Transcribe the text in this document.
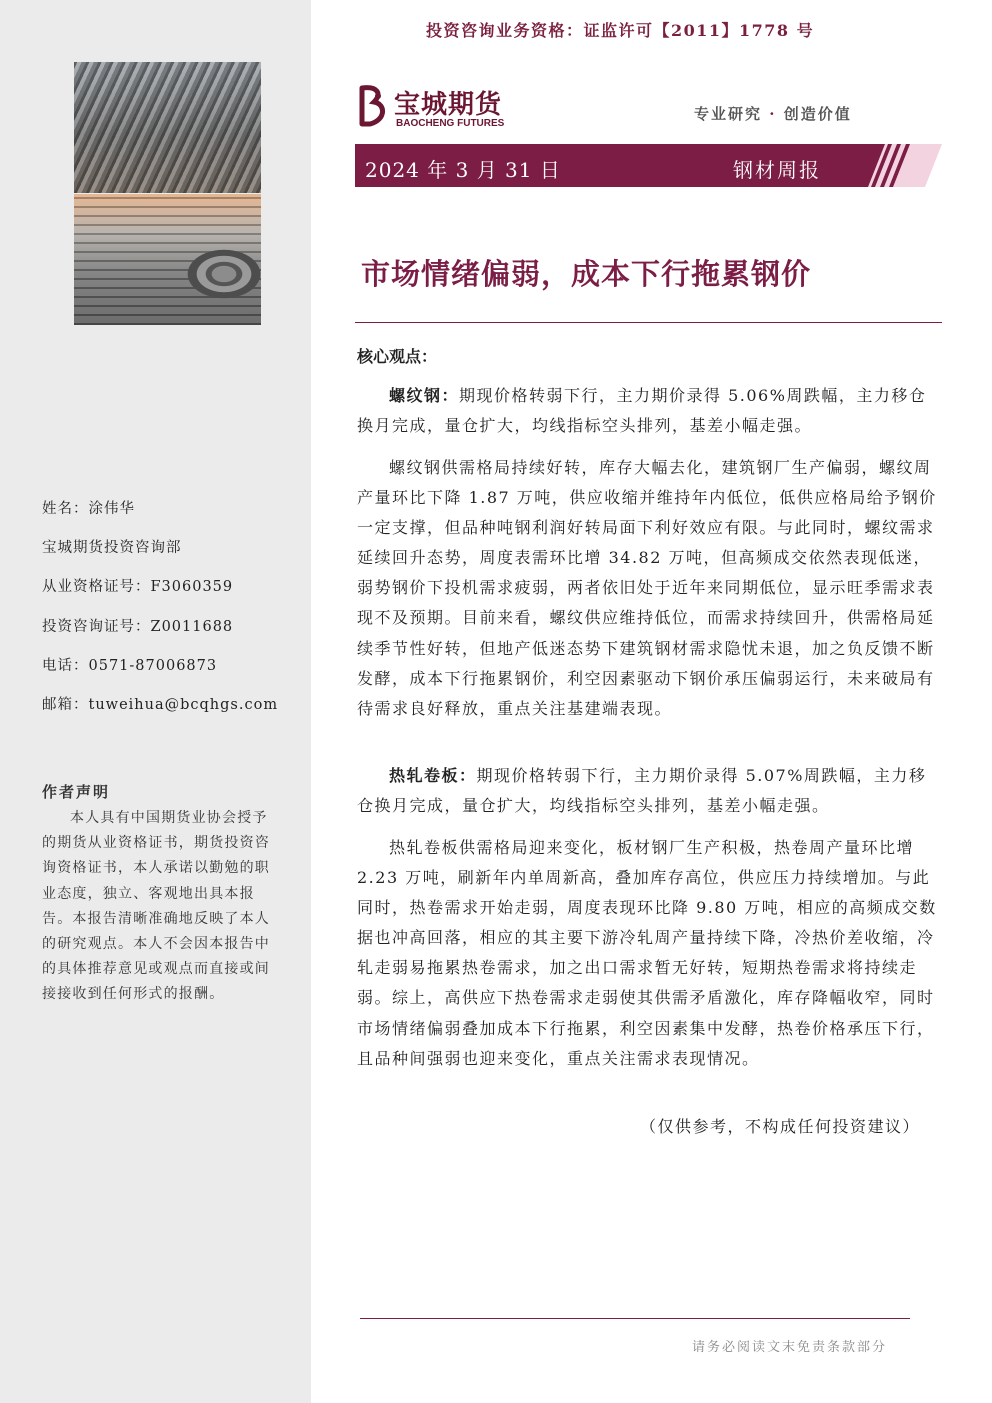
姓名：涂伟华
宝城期货投资咨询部
从业资格证号：F3060359
投资咨询证号：Z0011688
电话：0571-87006873
邮箱：tuweihua@bcqhgs.com
作者声明
本人具有中国期货业协会授予的期货从业资格证书，期货投资咨询资格证书，本人承诺以勤勉的职业态度，独立、客观地出具本报告。本报告清晰准确地反映了本人的研究观点。本人不会因本报告中的具体推荐意见或观点而直接或间接接收到任何形式的报酬。
投资咨询业务资格：证监许可【2011】1778 号
宝城期货
BAOCHENG FUTURES
专业研究 · 创造价值
2024 年 3 月 31 日	钢材周报
市场情绪偏弱，成本下行拖累钢价
核心观点：
螺纹钢：期现价格转弱下行，主力期价录得 5.06%周跌幅，主力移仓换月完成，量仓扩大，均线指标空头排列，基差小幅走强。
螺纹钢供需格局持续好转，库存大幅去化，建筑钢厂生产偏弱，螺纹周产量环比下降 1.87 万吨，供应收缩并维持年内低位，低供应格局给予钢价一定支撑，但品种吨钢利润好转局面下利好效应有限。与此同时，螺纹需求延续回升态势，周度表需环比增 34.82 万吨，但高频成交依然表现低迷，弱势钢价下投机需求疲弱，两者依旧处于近年来同期低位，显示旺季需求表现不及预期。目前来看，螺纹供应维持低位，而需求持续回升，供需格局延续季节性好转，但地产低迷态势下建筑钢材需求隐忧未退，加之负反馈不断发酵，成本下行拖累钢价，利空因素驱动下钢价承压偏弱运行，未来破局有待需求良好释放，重点关注基建端表现。
热轧卷板：期现价格转弱下行，主力期价录得 5.07%周跌幅，主力移仓换月完成，量仓扩大，均线指标空头排列，基差小幅走强。
热轧卷板供需格局迎来变化，板材钢厂生产积极，热卷周产量环比增 2.23 万吨，刷新年内单周新高，叠加库存高位，供应压力持续增加。与此同时，热卷需求开始走弱，周度表现环比降 9.80 万吨，相应的高频成交数据也冲高回落，相应的其主要下游冷轧周产量持续下降，冷热价差收缩，冷轧走弱易拖累热卷需求，加之出口需求暂无好转，短期热卷需求将持续走弱。综上，高供应下热卷需求走弱使其供需矛盾激化，库存降幅收窄，同时市场情绪偏弱叠加成本下行拖累，利空因素集中发酵，热卷价格承压下行，且品种间强弱也迎来变化，重点关注需求表现情况。
（仅供参考，不构成任何投资建议）
请务必阅读文末免责条款部分
